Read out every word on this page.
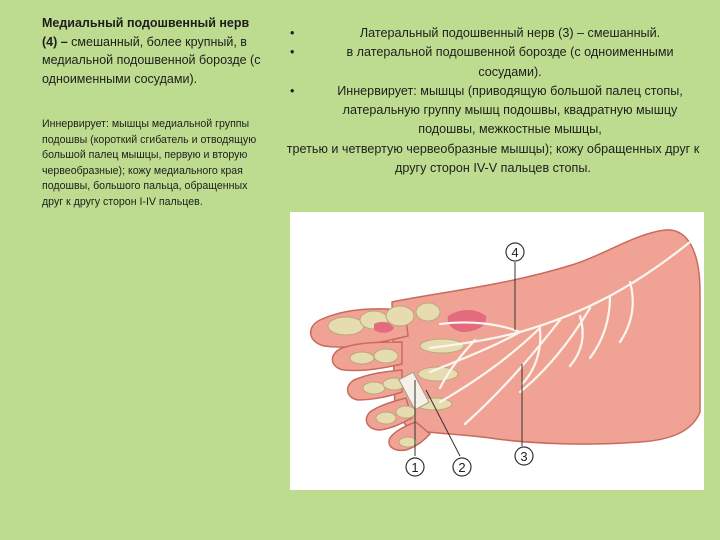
Медиальный подошвенный нерв (4) – смешанный, более крупный, в медиальной подошвенной борозде (с одноименными сосудами).
Иннервирует: мышцы медиальной группы подошвы (короткий сгибатель и отводящую большой палец мышцы, первую и вторую червеобразные); кожу медиального края подошвы, большого пальца, обращенных друг к другу сторон I-IV пальцев.
•	Латеральный подошвенный нерв (3) – смешанный.
•	в латеральной подошвенной борозде (с одноименными сосудами).
•	Иннервирует: мышцы (приводящую большой палец стопы, латеральную группу мышц подошвы, квадратную мышцу подошвы, межкостные мышцы,
третью и четвертую червеобразные мышцы); кожу обращенных друг к другу сторон IV-V пальцев стопы.
1	2
3
4
